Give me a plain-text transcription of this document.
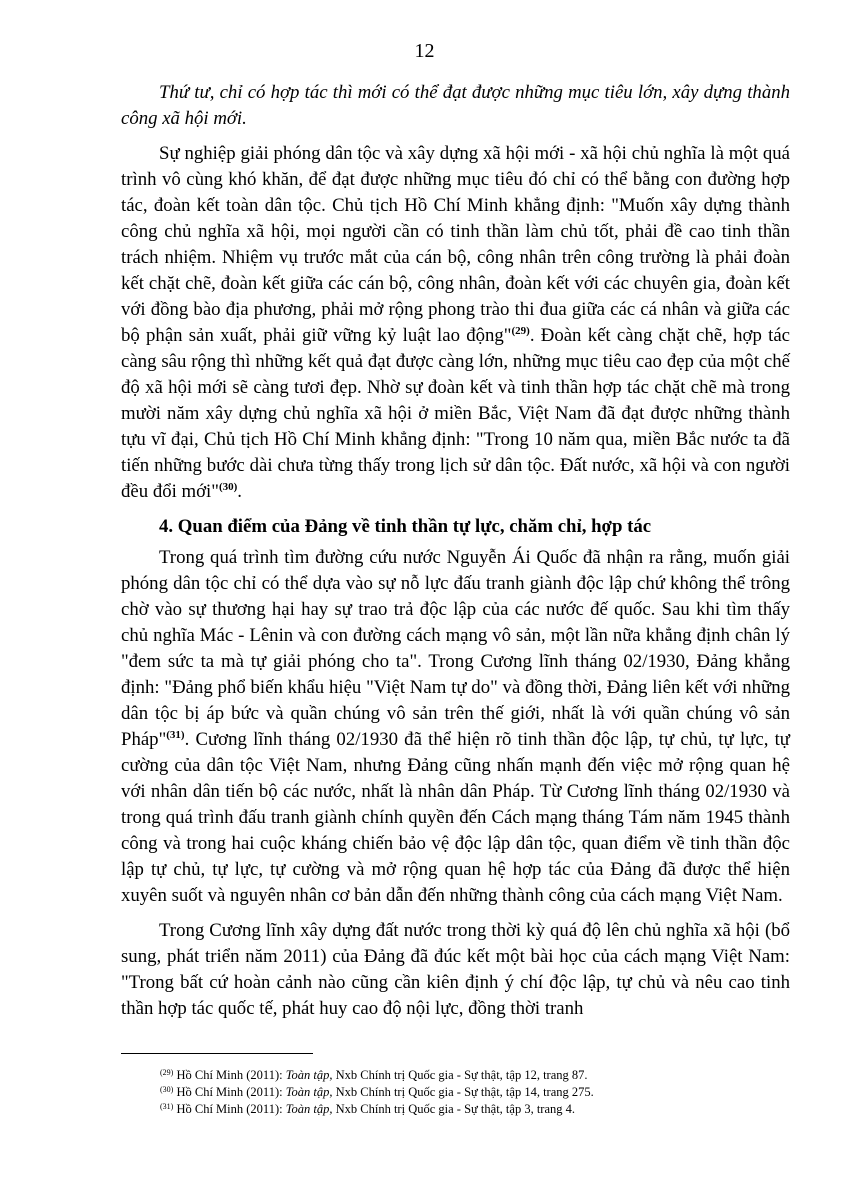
12

Thứ tư, chỉ có hợp tác thì mới có thể đạt được những mục tiêu lớn, xây dựng thành công xã hội mới.

Sự nghiệp giải phóng dân tộc và xây dựng xã hội mới - xã hội chủ nghĩa là một quá trình vô cùng khó khăn, để đạt được những mục tiêu đó chỉ có thể bằng con đường hợp tác, đoàn kết toàn dân tộc. Chủ tịch Hồ Chí Minh khẳng định: "Muốn xây dựng thành công chủ nghĩa xã hội, mọi người cần có tinh thần làm chủ tốt, phải đề cao tinh thần trách nhiệm. Nhiệm vụ trước mắt của cán bộ, công nhân trên công trường là phải đoàn kết chặt chẽ, đoàn kết giữa các cán bộ, công nhân, đoàn kết với các chuyên gia, đoàn kết với đồng bào địa phương, phải mở rộng phong trào thi đua giữa các cá nhân và giữa các bộ phận sản xuất, phải giữ vững kỷ luật lao động"$^{(29)}$. Đoàn kết càng chặt chẽ, hợp tác càng sâu rộng thì những kết quả đạt được càng lớn, những mục tiêu cao đẹp của một chế độ xã hội mới sẽ càng tươi đẹp. Nhờ sự đoàn kết và tinh thần hợp tác chặt chẽ mà trong mười năm xây dựng chủ nghĩa xã hội ở miền Bắc, Việt Nam đã đạt được những thành tựu vĩ đại, Chủ tịch Hồ Chí Minh khẳng định: "Trong 10 năm qua, miền Bắc nước ta đã tiến những bước dài chưa từng thấy trong lịch sử dân tộc. Đất nước, xã hội và con người đều đổi mới"$^{(30)}$.

4. Quan điểm của Đảng về tinh thần tự lực, chăm chỉ, hợp tác

Trong quá trình tìm đường cứu nước Nguyễn Ái Quốc đã nhận ra rằng, muốn giải phóng dân tộc chỉ có thể dựa vào sự nỗ lực đấu tranh giành độc lập chứ không thể trông chờ vào sự thương hại hay sự trao trả độc lập của các nước đế quốc. Sau khi tìm thấy chủ nghĩa Mác - Lênin và con đường cách mạng vô sản, một lần nữa khẳng định chân lý "đem sức ta mà tự giải phóng cho ta". Trong Cương lĩnh tháng 02/1930, Đảng khẳng định: "Đảng phổ biến khẩu hiệu "Việt Nam tự do" và đồng thời, Đảng liên kết với những dân tộc bị áp bức và quần chúng vô sản trên thế giới, nhất là với quần chúng vô sản Pháp"$^{(31)}$. Cương lĩnh tháng 02/1930 đã thể hiện rõ tinh thần độc lập, tự chủ, tự lực, tự cường của dân tộc Việt Nam, nhưng Đảng cũng nhấn mạnh đến việc mở rộng quan hệ với nhân dân tiến bộ các nước, nhất là nhân dân Pháp. Từ Cương lĩnh tháng 02/1930 và trong quá trình đấu tranh giành chính quyền đến Cách mạng tháng Tám năm 1945 thành công và trong hai cuộc kháng chiến bảo vệ độc lập dân tộc, quan điểm về tinh thần độc lập tự chủ, tự lực, tự cường và mở rộng quan hệ hợp tác của Đảng đã được thể hiện xuyên suốt và nguyên nhân cơ bản dẫn đến những thành công của cách mạng Việt Nam.

Trong Cương lĩnh xây dựng đất nước trong thời kỳ quá độ lên chủ nghĩa xã hội (bổ sung, phát triển năm 2011) của Đảng đã đúc kết một bài học của cách mạng Việt Nam: "Trong bất cứ hoàn cảnh nào cũng cần kiên định ý chí độc lập, tự chủ và nêu cao tinh thần hợp tác quốc tế, phát huy cao độ nội lực, đồng thời tranh

$^{(29)}$ Hồ Chí Minh (2011): Toàn tập, Nxb Chính trị Quốc gia - Sự thật, tập 12, trang 87.

$^{(30)}$ Hồ Chí Minh (2011): Toàn tập, Nxb Chính trị Quốc gia - Sự thật, tập 14, trang 275.

$^{(31)}$ Hồ Chí Minh (2011): Toàn tập, Nxb Chính trị Quốc gia - Sự thật, tập 3, trang 4.
